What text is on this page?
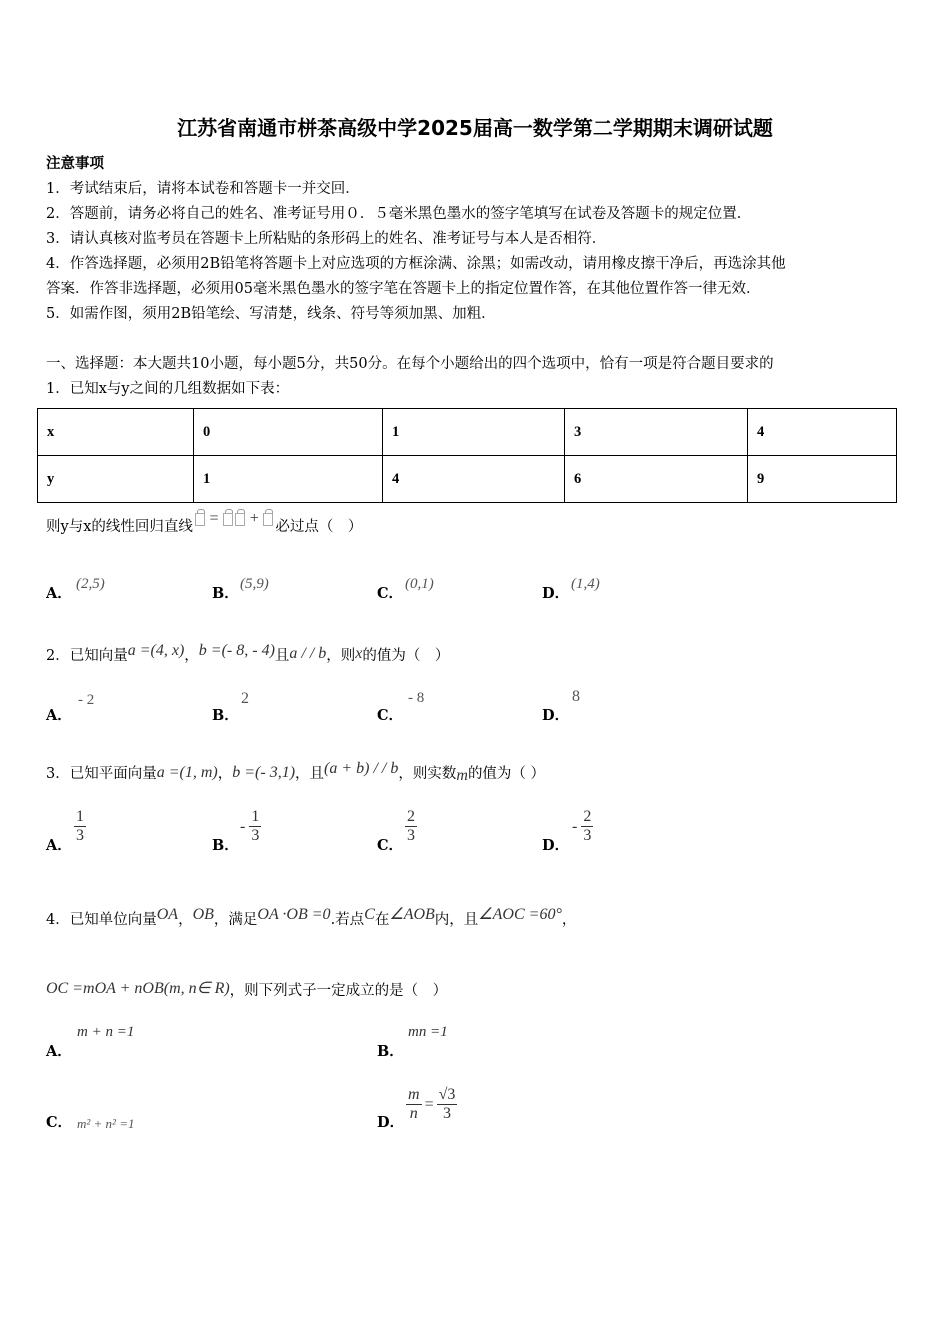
江苏省南通市栟茶高级中学2025届高一数学第二学期期末调研试题
注意事项
1．考试结束后，请将本试卷和答题卡一并交回．
2．答题前，请务必将自己的姓名、准考证号用０．５毫米黑色墨水的签字笔填写在试卷及答题卡的规定位置．
3．请认真核对监考员在答题卡上所粘贴的条形码上的姓名、准考证号与本人是否相符．
4．作答选择题，必须用2B铅笔将答题卡上对应选项的方框涂满、涂黑；如需改动，请用橡皮擦干净后，再选涂其他
答案．作答非选择题，必须用05毫米黑色墨水的签字笔在答题卡上的指定位置作答，在其他位置作答一律无效．
5．如需作图，须用2B铅笔绘、写清楚，线条、符号等须加黑、加粗．
一、选择题：本大题共10小题，每小题5分，共50分。在每个小题给出的四个选项中，恰有一项是符合题目要求的
1．已知x与y之间的几组数据如下表：
x	0	1	3	4
y	1	4	6	9
则y与x的线性回归直线 = + 必过点（　）
A．
(2,5)
B．
(5,9)
C．
(0,1)
D．
(1,4)
2．已知向量a =(4, x)，b =(- 8, - 4)且a / / b，则x的值为（　）
A．
- 2
B．
2
C．
- 8
D．
8
3．已知平面向量a =(1, m)，b =(- 3,1)，且(a + b) / / b，则实数m的值为（ ）
A．
$\frac{1}{3}$
B．
- $\frac{1}{3}$
C．
$\frac{2}{3}$
D．
- $\frac{2}{3}$
4．已知单位向量OA，OB，满足OA ·OB =0.若点C在∠AOB内，且∠AOC =60°，
OC =mOA + nOB(m, n∈ R)，则下列式子一定成立的是（　）
A．
m + n =1
B．
mn =1
C． m² + n² =1	D． $\frac{m}{n} = \frac{√3}{3}$
